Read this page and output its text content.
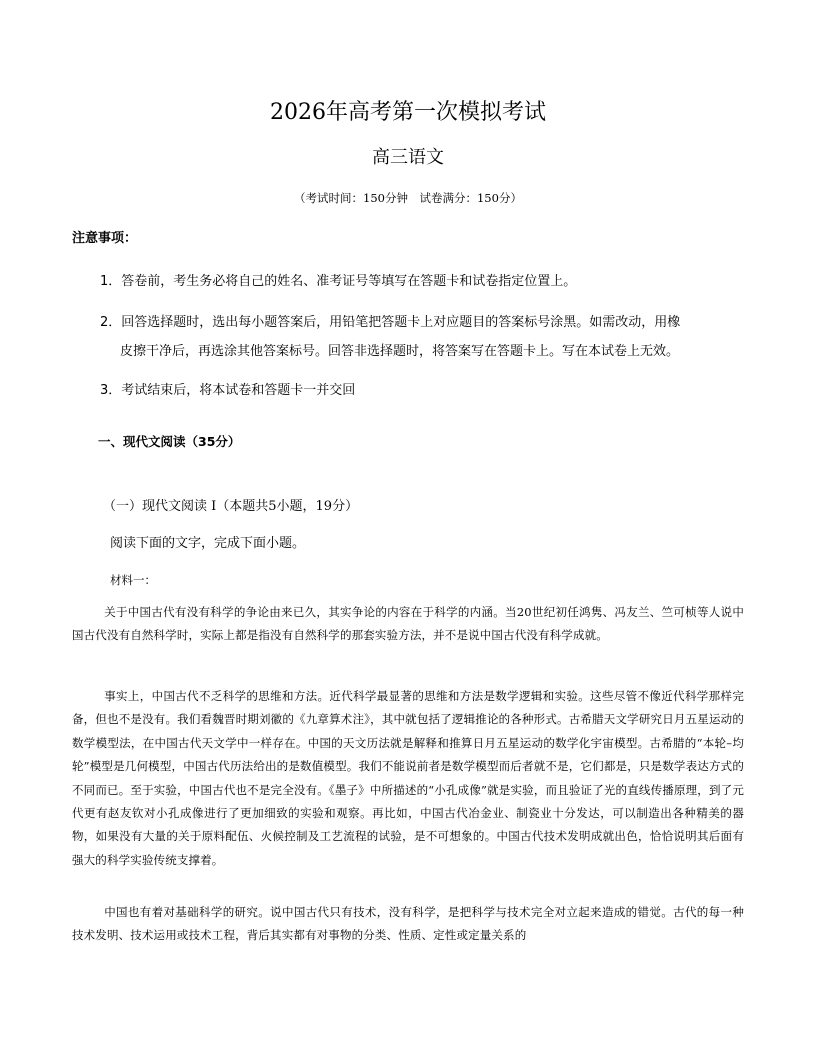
2026年高考第一次模拟考试
高三语文
（考试时间：150分钟　试卷满分：150分）
注意事项：
1．答卷前，考生务必将自己的姓名、准考证号等填写在答题卡和试卷指定位置上。
2．回答选择题时，选出每小题答案后，用铅笔把答题卡上对应题目的答案标号涂黑。如需改动，用橡
皮擦干净后，再选涂其他答案标号。回答非选择题时，将答案写在答题卡上。写在本试卷上无效。
3．考试结束后，将本试卷和答题卡一并交回
一、现代文阅读（35分）
（一）现代文阅读 I（本题共5小题，19分）
阅读下面的文字，完成下面小题。
材料一：

关于中国古代有没有科学的争论由来已久，其实争论的内容在于科学的内涵。当20世纪初任鸿隽、冯友兰、竺可桢等人说中国古代没有自然科学时，实际上都是指没有自然科学的那套实验方法，并不是说中国古代没有科学成就。

事实上，中国古代不乏科学的思维和方法。近代科学最显著的思维和方法是数学逻辑和实验。这些尽管不像近代科学那样完备，但也不是没有。我们看魏晋时期刘徽的《九章算术注》，其中就包括了逻辑推论的各种形式。古希腊天文学研究日月五星运动的数学模型法，在中国古代天文学中一样存在。中国的天文历法就是解释和推算日月五星运动的数学化宇宙模型。古希腊的“本轮–均轮”模型是几何模型，中国古代历法给出的是数值模型。我们不能说前者是数学模型而后者就不是，它们都是，只是数学表达方式的不同而已。至于实验，中国古代也不是完全没有。《墨子》中所描述的“小孔成像”就是实验，而且验证了光的直线传播原理，到了元代更有赵友钦对小孔成像进行了更加细致的实验和观察。再比如，中国古代冶金业、制瓷业十分发达，可以制造出各种精美的器物，如果没有大量的关于原料配伍、火候控制及工艺流程的试验，是不可想象的。中国古代技术发明成就出色，恰恰说明其后面有强大的科学实验传统支撑着。

中国也有着对基础科学的研究。说中国古代只有技术，没有科学，是把科学与技术完全对立起来造成的错觉。古代的每一种技术发明、技术运用或技术工程，背后其实都有对事物的分类、性质、定性或定量关系的
